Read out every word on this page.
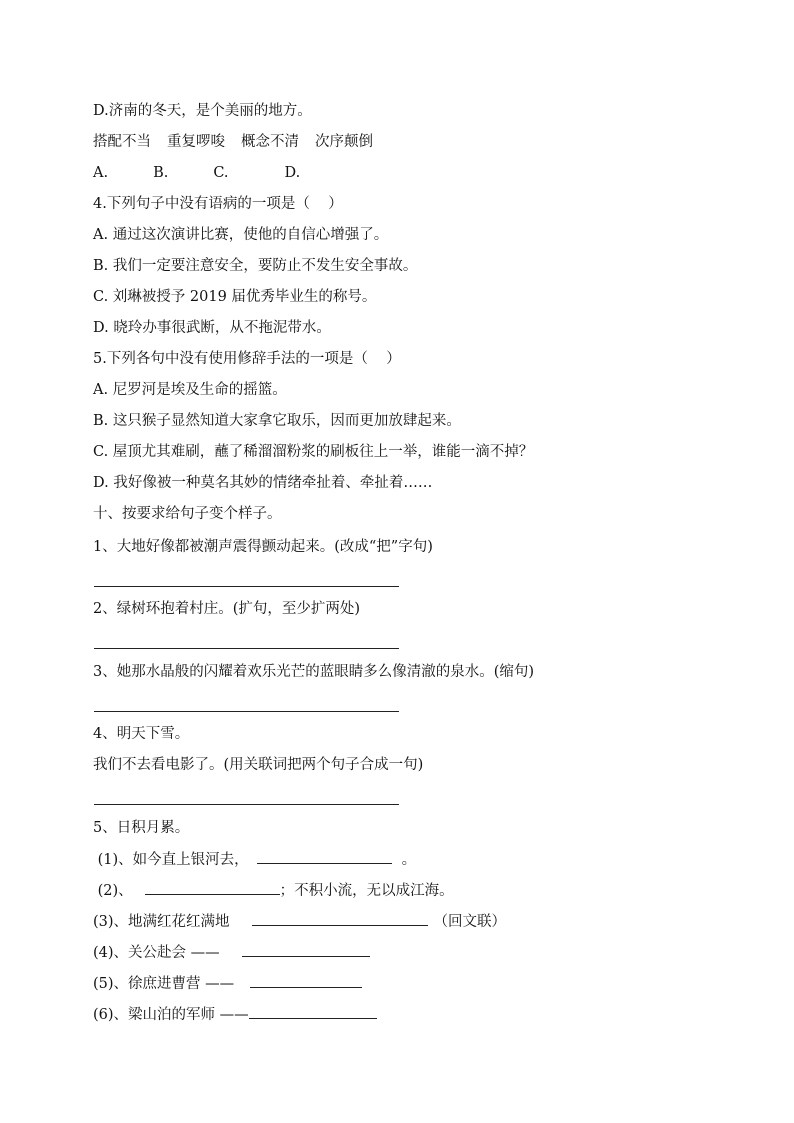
D.济南的冬天，是个美丽的地方。
搭配不当 重复啰唆 概念不清 次序颠倒
A.	B.	C.	D.
4.下列句子中没有语病的一项是（    ）
A. 通过这次演讲比赛，使他的自信心增强了。
B. 我们一定要注意安全，要防止不发生安全事故。
C. 刘琳被授予 2019 届优秀毕业生的称号。
D. 晓玲办事很武断，从不拖泥带水。
5.下列各句中没有使用修辞手法的一项是（    ）
A. 尼罗河是埃及生命的摇篮。
B. 这只猴子显然知道大家拿它取乐，因而更加放肆起来。
C. 屋顶尤其难刷，蘸了稀溜溜粉浆的刷板往上一举，谁能一滴不掉？
D. 我好像被一种莫名其妙的情绪牵扯着、牵扯着……
十、按要求给句子变个样子。
1、大地好像都被潮声震得颤动起来。(改成“把”字句)
2、绿树环抱着村庄。(扩句，至少扩两处)
3、她那水晶般的闪耀着欢乐光芒的蓝眼睛多么像清澈的泉水。(缩句)
4、明天下雪。
我们不去看电影了。(用关联词把两个句子合成一句)
5、日积月累。
(1)、如今直上银河去，	。
(2)、	；不积小流，无以成江海。
(3)、地满红花红满地	（回文联）
(4)、关公赴会 ——
(5)、徐庶进曹营 ——
(6)、梁山泊的军师 ——
